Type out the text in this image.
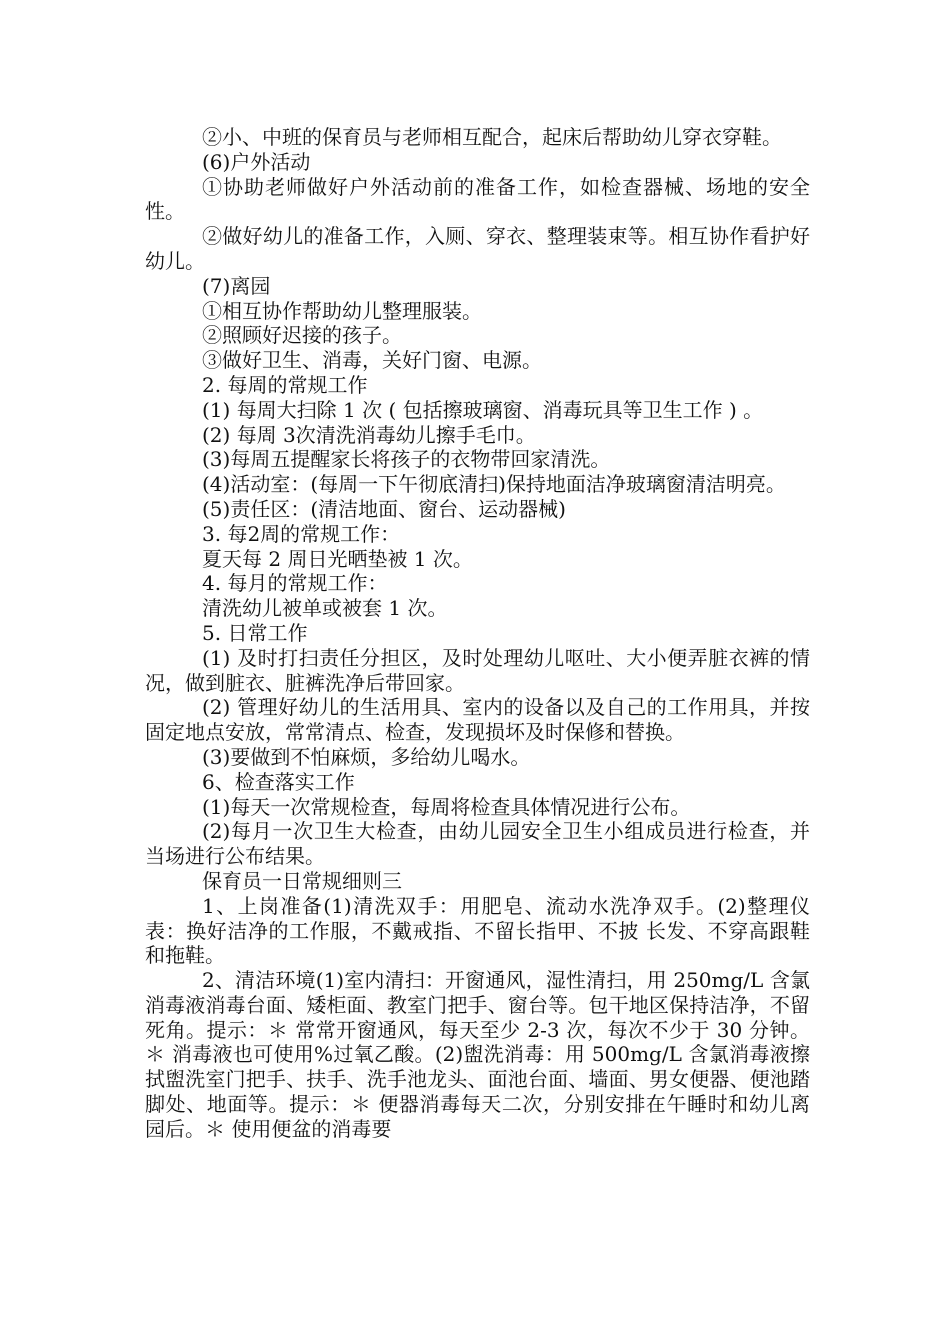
②小、中班的保育员与老师相互配合，起床后帮助幼儿穿衣穿鞋。

(6)户外活动

①协助老师做好户外活动前的准备工作，如检查器械、场地的安全性。

②做好幼儿的准备工作，入厕、穿衣、整理装束等。相互协作看护好幼儿。

(7)离园

①相互协作帮助幼儿整理服装。

②照顾好迟接的孩子。

③做好卫生、消毒，关好门窗、电源。

2. 每周的常规工作

(1) 每周大扫除 1 次 ( 包括擦玻璃窗、消毒玩具等卫生工作 ) 。

(2) 每周 3次清洗消毒幼儿擦手毛巾。

(3)每周五提醒家长将孩子的衣物带回家清洗。

(4)活动室：(每周一下午彻底清扫)保持地面洁净玻璃窗清洁明亮。

(5)责任区：(清洁地面、窗台、运动器械)

3. 每2周的常规工作：

夏天每 2 周日光晒垫被 1 次。

4. 每月的常规工作：

清洗幼儿被单或被套 1 次。

5. 日常工作

(1) 及时打扫责任分担区，及时处理幼儿呕吐、大小便弄脏衣裤的情况，做到脏衣、脏裤洗净后带回家。

(2) 管理好幼儿的生活用具、室内的设备以及自己的工作用具，并按固定地点安放，常常清点、检查，发现损坏及时保修和替换。

(3)要做到不怕麻烦，多给幼儿喝水。

6、检查落实工作

(1)每天一次常规检查，每周将检查具体情况进行公布。

(2)每月一次卫生大检查，由幼儿园安全卫生小组成员进行检查，并当场进行公布结果。

保育员一日常规细则三

1、上岗准备(1)清洗双手：用肥皂、流动水洗净双手。(2)整理仪表：换好洁净的工作服，不戴戒指、不留长指甲、不披 长发、不穿高跟鞋和拖鞋。

2、清洁环境(1)室内清扫：开窗通风，湿性清扫，用 250mg/L 含氯消毒液消毒台面、矮柜面、教室门把手、窗台等。包干地区保持洁净，不留死角。提示：＊ 常常开窗通风，每天至少 2-3 次，每次不少于 30 分钟。＊ 消毒液也可使用%过氧乙酸。(2)盥洗消毒：用 500mg/L 含氯消毒液擦拭盥洗室门把手、扶手、洗手池龙头、面池台面、墙面、男女便器、便池踏脚处、地面等。提示：＊ 便器消毒每天二次，分别安排在午睡时和幼儿离园后。＊ 使用便盆的消毒要
